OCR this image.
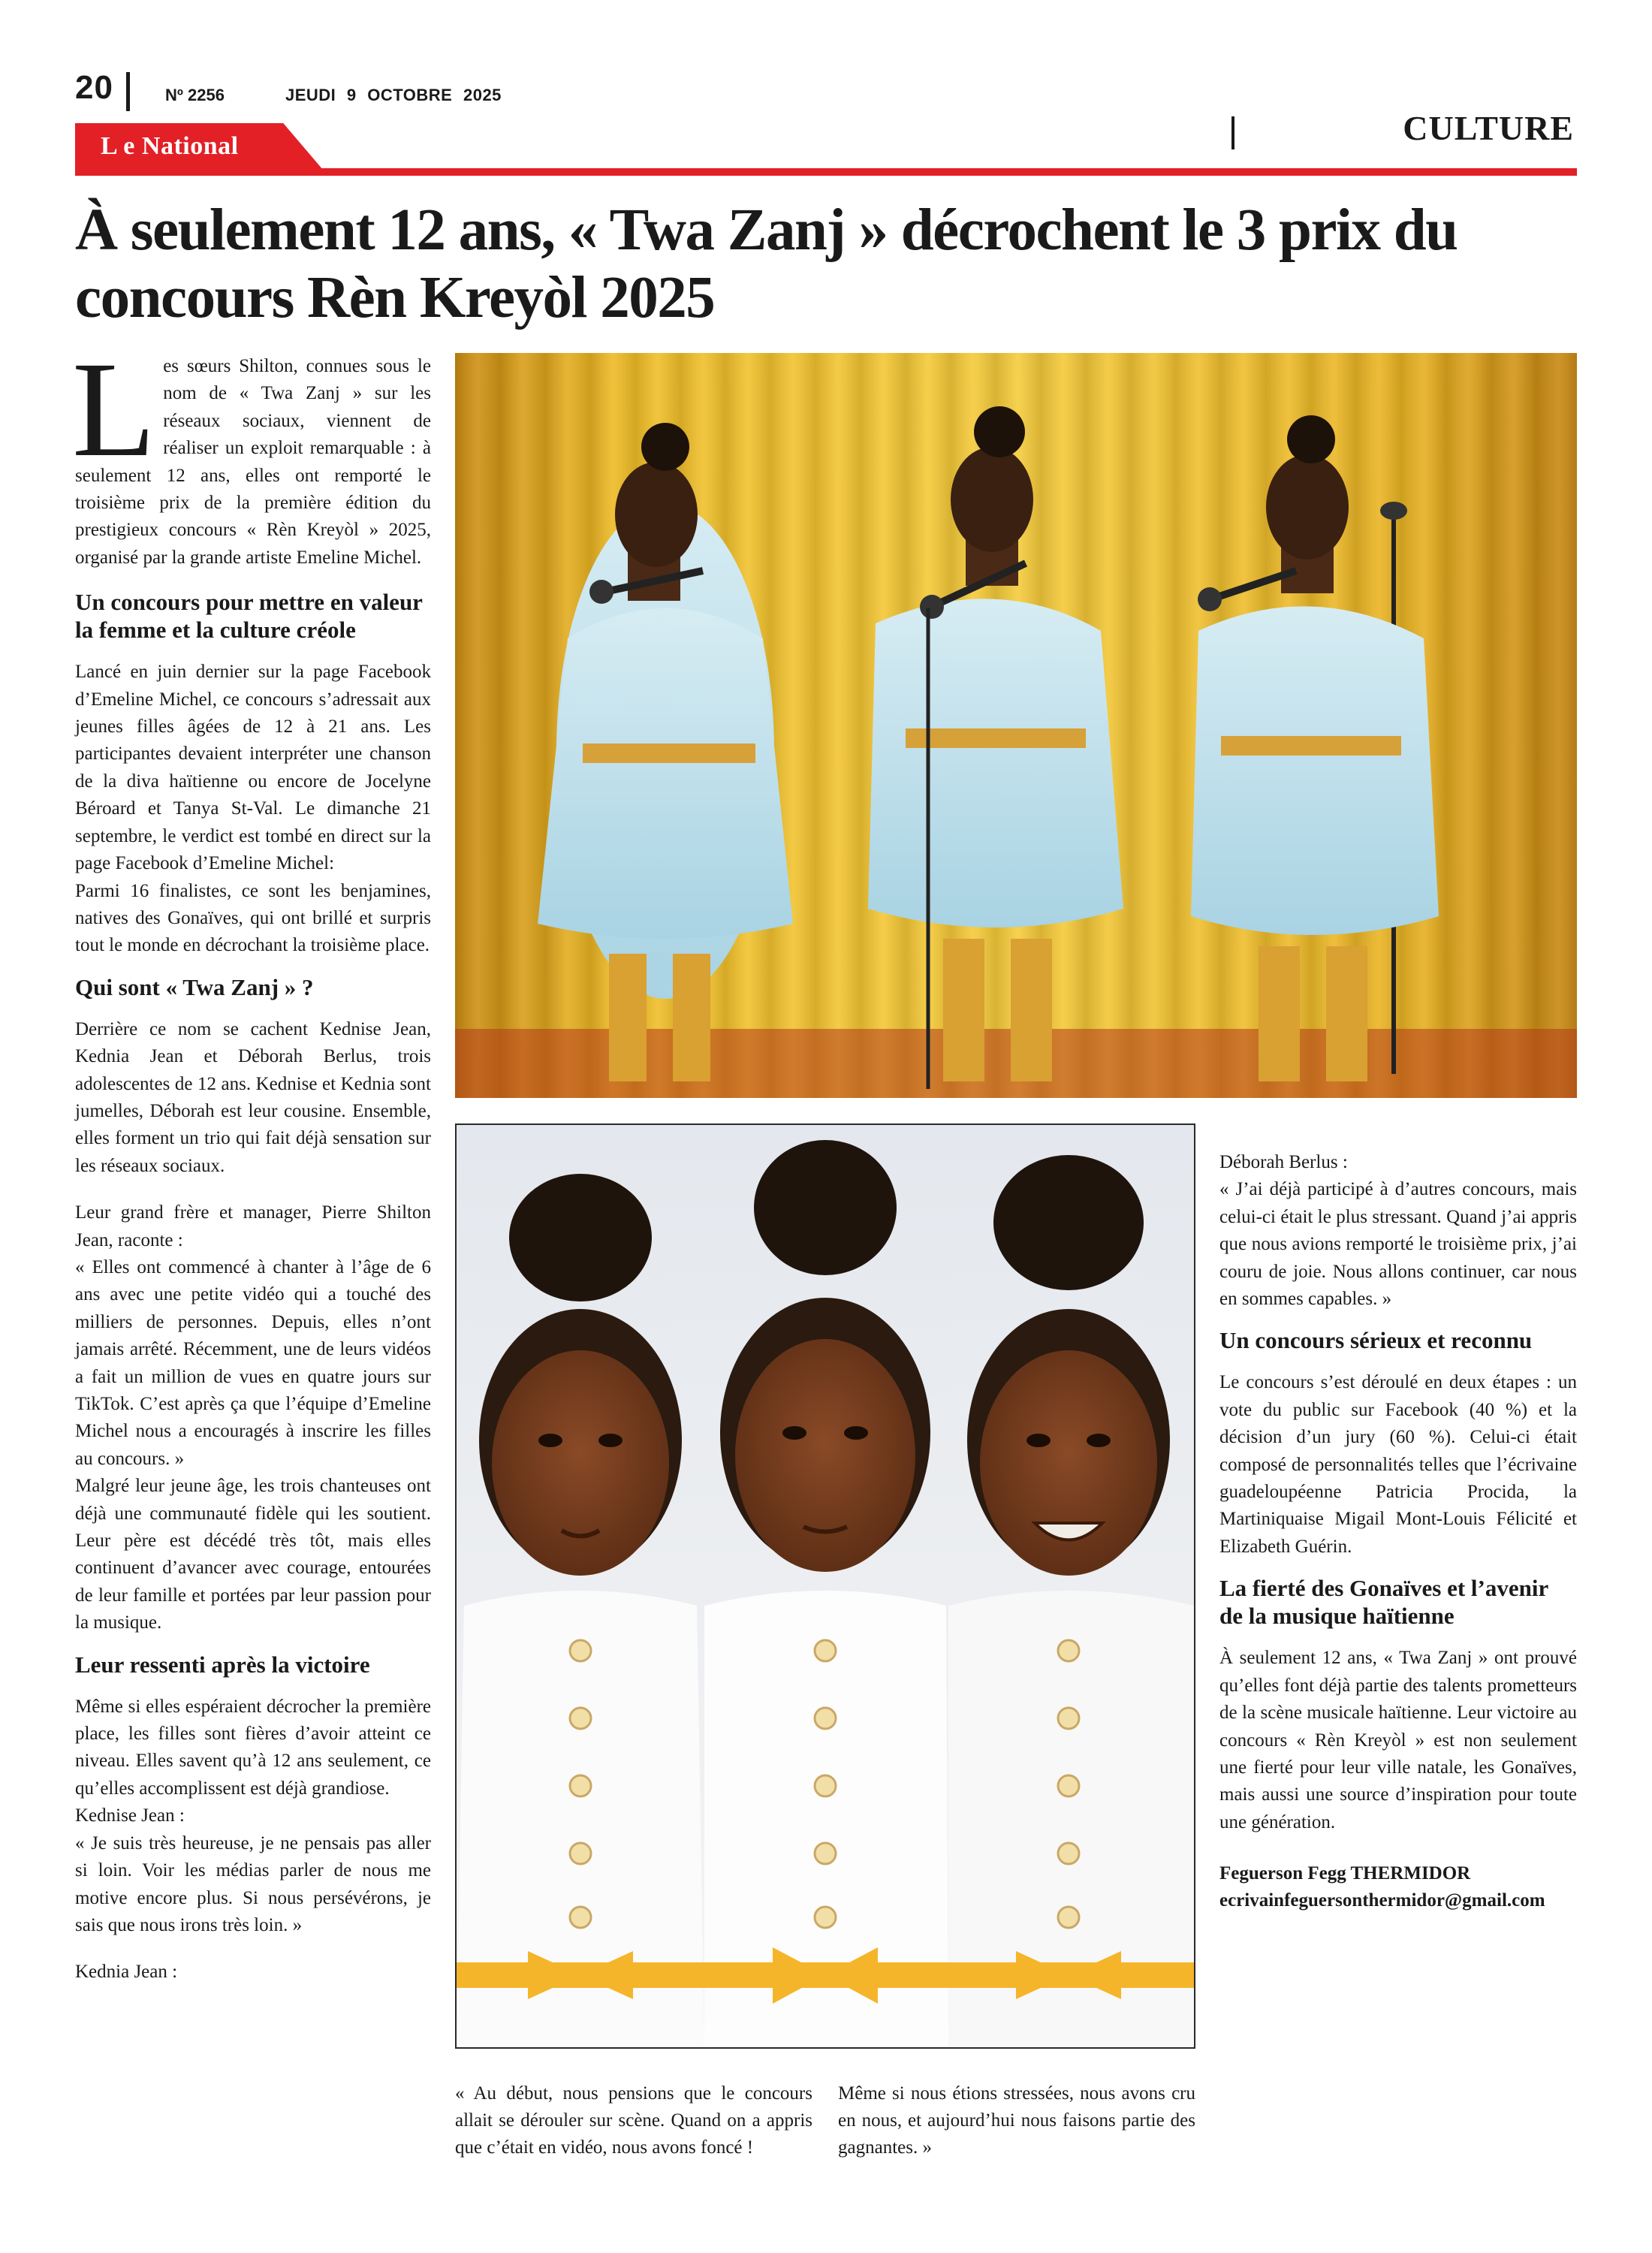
20	Nº 2256	JEUDI 9 OCTOBRE 2025
CULTURE
L e National
À seulement 12 ans, « Twa Zanj » décrochent le 3 prix du concours Rèn Kreyòl 2025

Les sœurs Shilton, connues sous le nom de « Twa Zanj » sur les réseaux sociaux, viennent de réaliser un exploit remarquable : à seulement 12 ans, elles ont remporté le troisième prix de la première édition du prestigieux concours « Rèn Kreyòl » 2025, organisé par la grande artiste Emeline Michel.

Un concours pour mettre en valeur la femme et la culture créole

Lancé en juin dernier sur la page Facebook d’Emeline Michel, ce concours s’adressait aux jeunes filles âgées de 12 à 21 ans. Les participantes devaient interpréter une chanson de la diva haïtienne ou encore de Jocelyne Béroard et Tanya St-Val. Le dimanche 21 septembre, le verdict est tombé en direct sur la page Facebook d’Emeline Michel:

Parmi 16 finalistes, ce sont les benjamines, natives des Gonaïves, qui ont brillé et surpris tout le monde en décrochant la troisième place.

Qui sont « Twa Zanj » ?

Derrière ce nom se cachent Kednise Jean, Kednia Jean et Déborah Berlus, trois adolescentes de 12 ans. Kednise et Kednia sont jumelles, Déborah est leur cousine. Ensemble, elles forment un trio qui fait déjà sensation sur les réseaux sociaux.

Leur grand frère et manager, Pierre Shilton Jean, raconte :

« Elles ont commencé à chanter à l’âge de 6 ans avec une petite vidéo qui a touché des milliers de personnes. Depuis, elles n’ont jamais arrêté. Récemment, une de leurs vidéos a fait un million de vues en quatre jours sur TikTok. C’est après ça que l’équipe d’Emeline Michel nous a encouragés à inscrire les filles au concours. »

Malgré leur jeune âge, les trois chanteuses ont déjà une communauté fidèle qui les soutient. Leur père est décédé très tôt, mais elles continuent d’avancer avec courage, entourées de leur famille et portées par leur passion pour la musique.

Leur ressenti après la victoire

Même si elles espéraient décrocher la première place, les filles sont fières d’avoir atteint ce niveau. Elles savent qu’à 12 ans seulement, ce qu’elles accomplissent est déjà grandiose.

Kednise Jean :

« Je suis très heureuse, je ne pensais pas aller si loin. Voir les médias parler de nous me motive encore plus. Si nous persévérons, je sais que nous irons très loin. »

Kednia Jean :

« Au début, nous pensions que le concours allait se dérouler sur scène. Quand on a appris que c’était en vidéo, nous avons foncé !
Même si nous étions stressées, nous avons cru en nous, et aujourd’hui nous faisons partie des gagnantes. »

Déborah Berlus :

« J’ai déjà participé à d’autres concours, mais celui-ci était le plus stressant. Quand j’ai appris que nous avions remporté le troisième prix, j’ai couru de joie. Nous allons continuer, car nous en sommes capables. »

Un concours sérieux et reconnu

Le concours s’est déroulé en deux étapes : un vote du public sur Facebook (40 %) et la décision d’un jury (60 %). Celui-ci était composé de personnalités telles que l’écrivaine guadeloupéenne Patricia Procida, la Martiniquaise Migail Mont-Louis Félicité et Elizabeth Guérin.

La fierté des Gonaïves et l’avenir de la musique haïtienne

À seulement 12 ans, « Twa Zanj » ont prouvé qu’elles font déjà partie des talents prometteurs de la scène musicale haïtienne. Leur victoire au concours « Rèn Kreyòl » est non seulement une fierté pour leur ville natale, les Gonaïves, mais aussi une source d’inspiration pour toute une génération.

Feguerson Fegg THERMIDOR
ecrivainfeguersonthermidor@gmail.com
